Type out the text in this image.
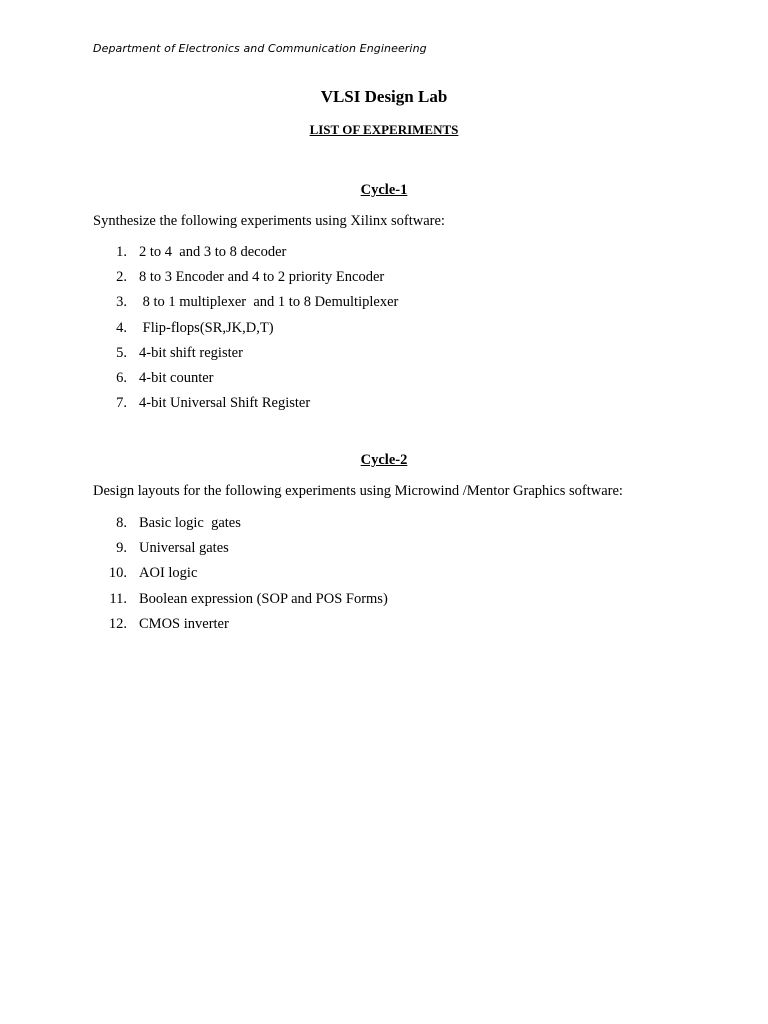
Department of Electronics and Communication Engineering
VLSI Design Lab
LIST OF EXPERIMENTS
Cycle-1
Synthesize the following experiments using Xilinx software:

1.

2 to 4  and 3 to 8 decoder

2.

8 to 3 Encoder and 4 to 2 priority Encoder

3.

8 to 1 multiplexer  and 1 to 8 Demultiplexer

4.

Flip-flops(SR,JK,D,T)

5.

4-bit shift register

6.

4-bit counter

7.

4-bit Universal Shift Register

Cycle-2
Design layouts for the following experiments using Microwind /Mentor Graphics software:

8.

Basic logic  gates

9.

Universal gates

10.

AOI logic

11.

Boolean expression (SOP and POS Forms)

12.

CMOS inverter
